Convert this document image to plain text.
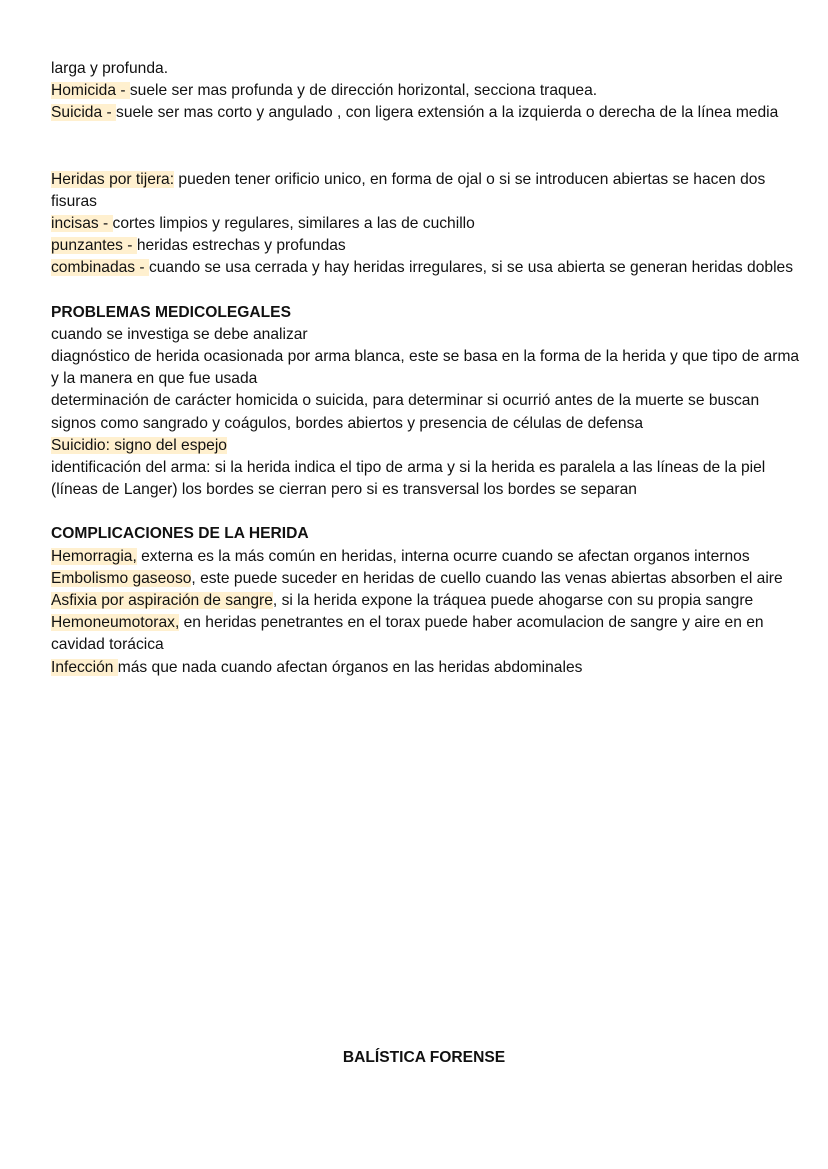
larga y profunda.

Homicida - suele ser mas profunda y de dirección horizontal, secciona traquea.

Suicida - suele ser mas corto y angulado , con ligera extensión a la izquierda o derecha de la línea media

Heridas por tijera: pueden tener orificio unico, en forma de ojal o si se introducen abiertas se hacen dos fisuras

incisas - cortes limpios y regulares, similares a las de cuchillo

punzantes - heridas estrechas y profundas

combinadas - cuando se usa cerrada y hay heridas irregulares, si se usa abierta se generan heridas dobles

PROBLEMAS MEDICOLEGALES

cuando se investiga se debe analizar

diagnóstico de herida ocasionada por arma blanca, este se basa en la forma de la herida y que tipo de arma y la manera en que fue usada

determinación de carácter homicida o suicida, para determinar si ocurrió antes de la muerte se buscan signos como sangrado y coágulos, bordes abiertos y presencia de células de defensa

Suicidio: signo del espejo

identificación del arma: si la herida indica el tipo de arma y si la herida es paralela a las líneas de la piel (líneas de Langer) los bordes se cierran pero si es transversal los bordes se separan

COMPLICACIONES DE LA HERIDA

Hemorragia, externa es la más común en heridas, interna ocurre cuando se afectan organos internos

Embolismo gaseoso, este puede suceder en heridas de cuello cuando las venas abiertas absorben el aire

Asfixia por aspiración de sangre, si la herida expone la tráquea puede ahogarse con su propia sangre

Hemoneumotorax, en heridas penetrantes en el torax puede haber acomulacion de sangre y aire en en cavidad torácica

Infección más que nada cuando afectan órganos en las heridas abdominales

BALÍSTICA FORENSE
